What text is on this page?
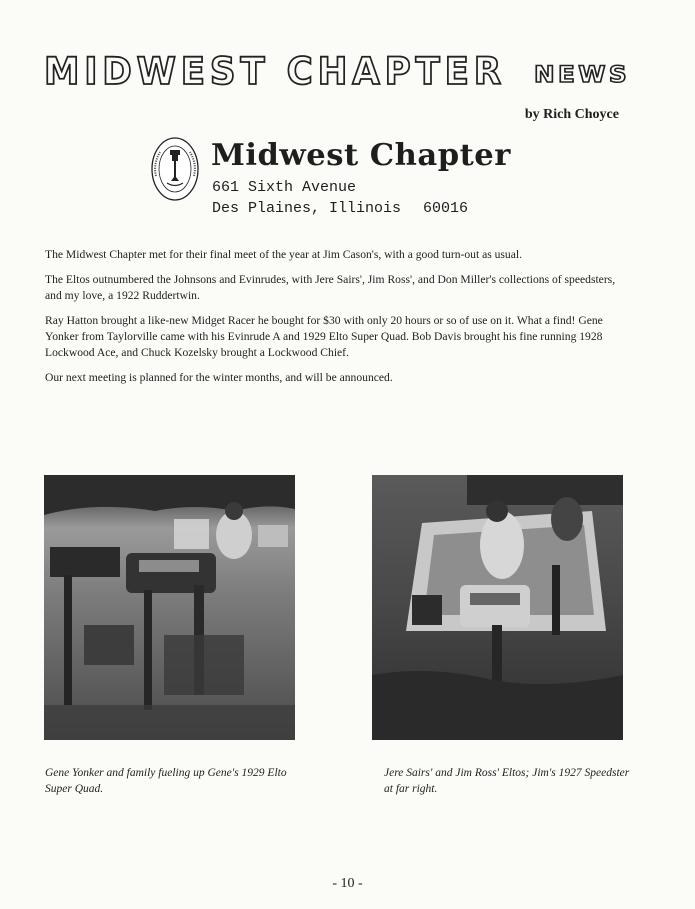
MIDWEST CHAPTER NEWS
by Rich Choyce
Midwest Chapter
661 Sixth Avenue
Des Plaines, Illinois 60016

The Midwest Chapter met for their final meet of the year at Jim Cason's, with a good turn-out as usual.

The Eltos outnumbered the Johnsons and Evinrudes, with Jere Sairs', Jim Ross', and Don Miller's collections of speedsters, and my love, a 1922 Ruddertwin.

Ray Hatton brought a like-new Midget Racer he bought for $30 with only 20 hours or so of use on it. What a find! Gene Yonker from Taylorville came with his Evinrude A and 1929 Elto Super Quad. Bob Davis brought his fine running 1928 Lockwood Ace, and Chuck Kozelsky brought a Lockwood Chief.

Our next meeting is planned for the winter months, and will be announced.

Gene Yonker and family fueling up Gene's 1929 Elto Super Quad.
Jere Sairs' and Jim Ross' Eltos; Jim's 1927 Speedster at far right.
- 10 -
